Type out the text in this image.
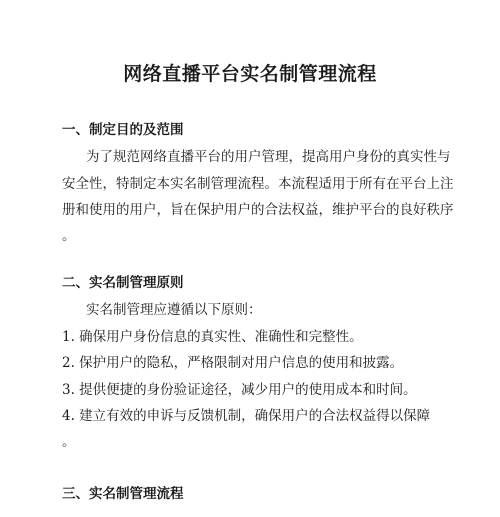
网络直播平台实名制管理流程
一、制定目的及范围
为了规范网络直播平台的用户管理，提高用户身份的真实性与
安全性，特制定本实名制管理流程。本流程适用于所有在平台上注
册和使用的用户，旨在保护用户的合法权益，维护平台的良好秩序
。
二、实名制管理原则
实名制管理应遵循以下原则：
1. 确保用户身份信息的真实性、准确性和完整性。
2. 保护用户的隐私，严格限制对用户信息的使用和披露。
3. 提供便捷的身份验证途径，减少用户的使用成本和时间。
4. 建立有效的申诉与反馈机制，确保用户的合法权益得以保障
。
三、实名制管理流程
